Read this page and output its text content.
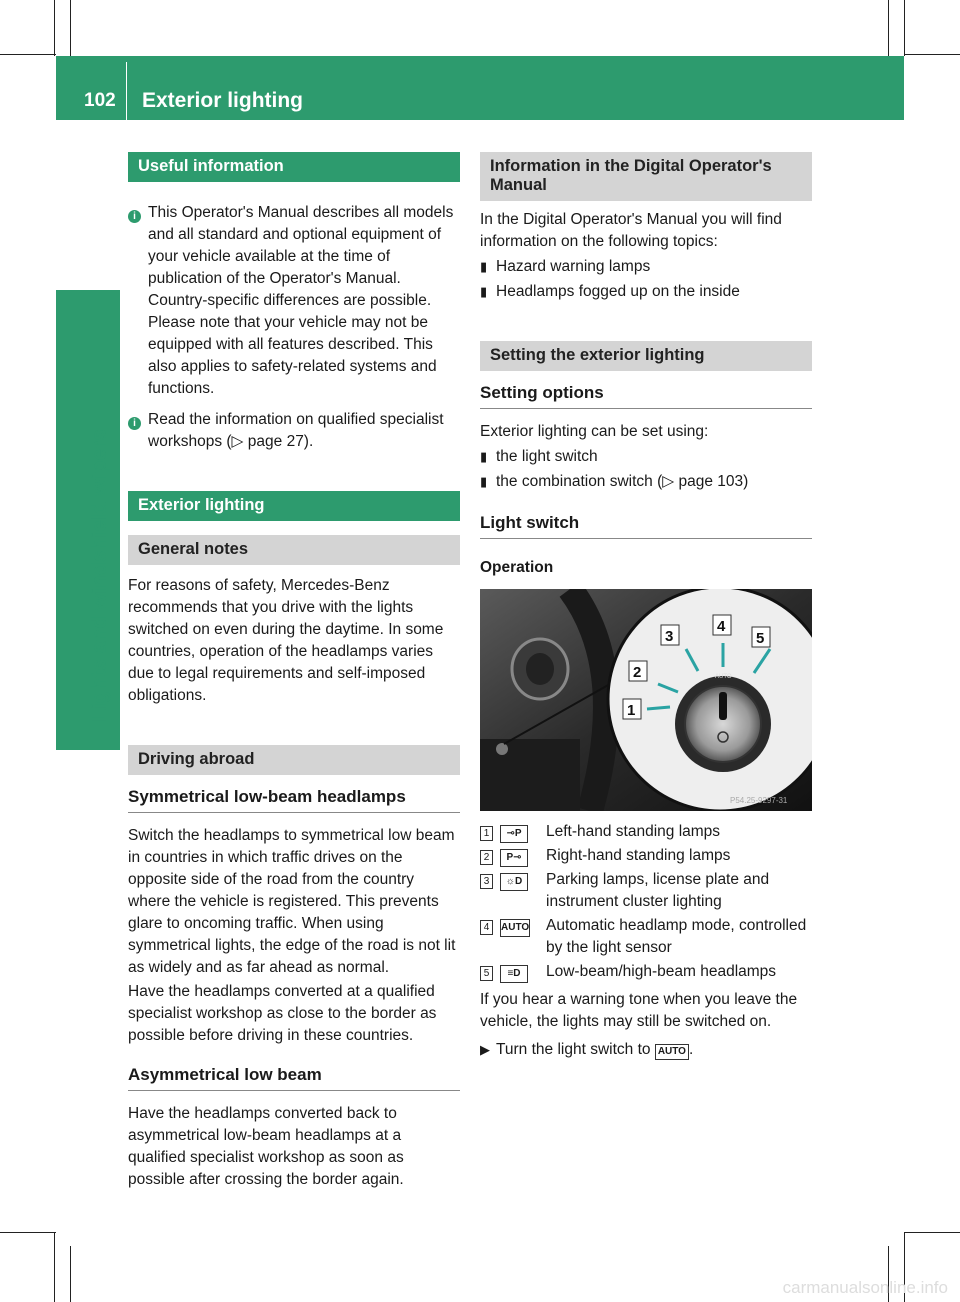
102 Exterior lighting
Lights and windshield wipers
Useful information
i This Operator's Manual describes all models and all standard and optional equipment of your vehicle available at the time of publication of the Operator's Manual. Country-specific differences are possible. Please note that your vehicle may not be equipped with all features described. This also applies to safety-related systems and functions.

i Read the information on qualified specialist workshops (▷ page 27).

Exterior lighting
General notes

For reasons of safety, Mercedes-Benz recommends that you drive with the lights switched on even during the daytime. In some countries, operation of the headlamps varies due to legal requirements and self-imposed obligations.

Driving abroad
Symmetrical low-beam headlamps

Switch the headlamps to symmetrical low beam in countries in which traffic drives on the opposite side of the road from the country where the vehicle is registered. This prevents glare to oncoming traffic. When using symmetrical lights, the edge of the road is not lit as widely and as far ahead as normal.

Have the headlamps converted at a qualified specialist workshop as close to the border as possible before driving in these countries.

Asymmetrical low beam

Have the headlamps converted back to asymmetrical low-beam headlamps at a qualified specialist workshop as soon as possible after crossing the border again.

Information in the Digital Operator's Manual

In the Digital Operator's Manual you will find information on the following topics:

▮ Hazard warning lamps
▮ Headlamps fogged up on the inside
Setting the exterior lighting
Setting options

Exterior lighting can be set using:

▮ the light switch
▮ the combination switch (▷ page 103)
Light switch
Operation
AUTO
1
2
3
4
5
P54.25-9297-31
1	⊸P	Left-hand standing lamps
2	P⊸	Right-hand standing lamps
3	☼D	Parking lamps, license plate and instrument cluster lighting
4	AUTO	Automatic headlamp mode, controlled by the light sensor
5	≡D	Low-beam/high-beam headlamps

If you hear a warning tone when you leave the vehicle, the lights may still be switched on.

▶ Turn the light switch to AUTO .
carmanualsonline.info
